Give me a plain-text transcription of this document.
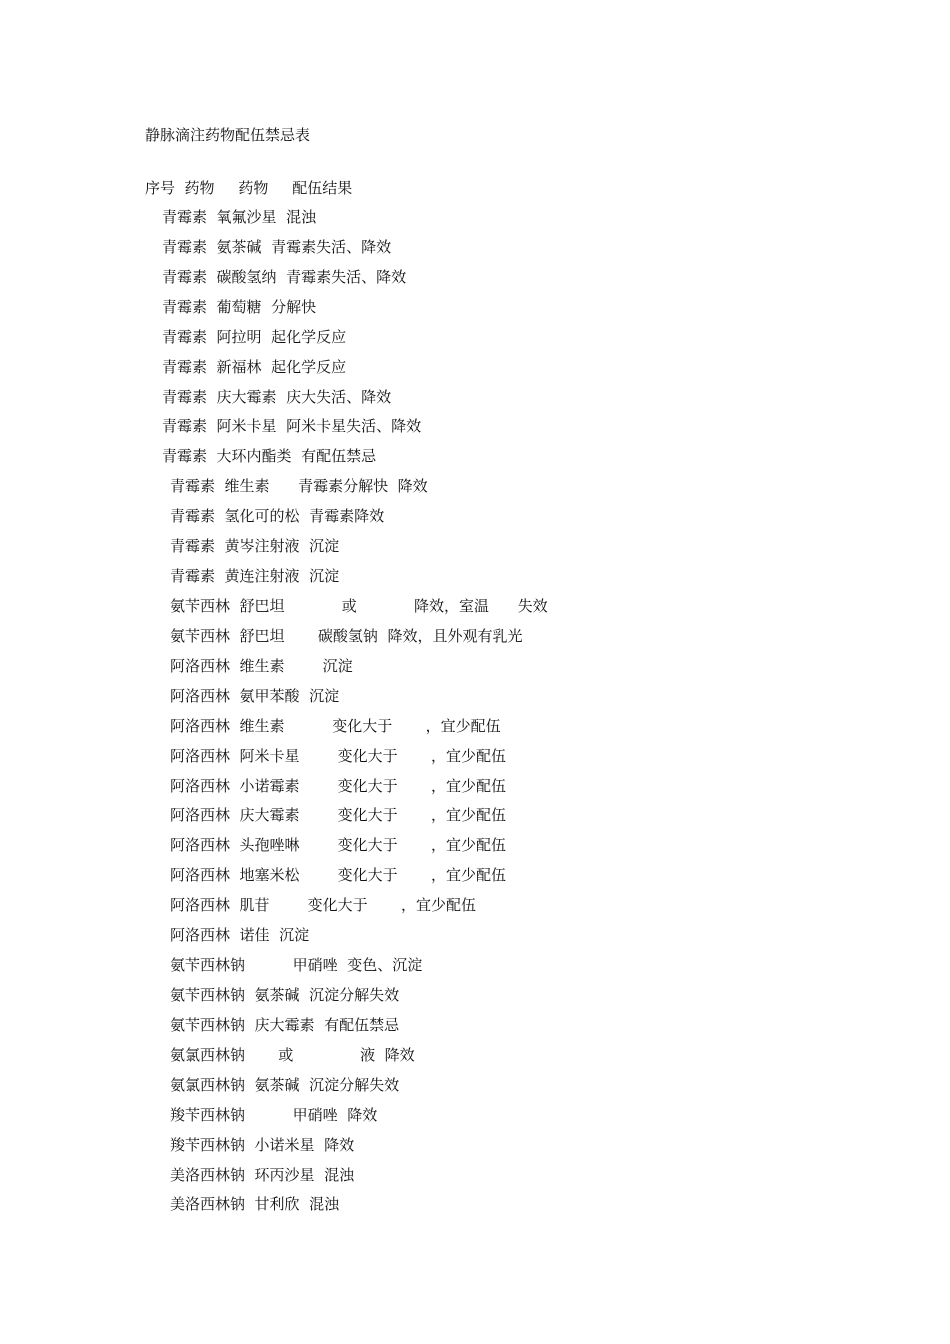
静脉滴注药物配伍禁忌表
序号  药物     药物     配伍结果
青霉素  氧氟沙星  混浊
青霉素  氨茶碱  青霉素失活、降效
青霉素  碳酸氢纳  青霉素失活、降效
青霉素  葡萄糖  分解快
青霉素  阿拉明  起化学反应
青霉素  新福林  起化学反应
青霉素  庆大霉素  庆大失活、降效
青霉素  阿米卡星  阿米卡星失活、降效
青霉素  大环内酯类  有配伍禁忌
青霉素  维生素      青霉素分解快  降效
青霉素  氢化可的松  青霉素降效
青霉素  黄岑注射液  沉淀
青霉素  黄连注射液  沉淀
氨苄西林  舒巴坦            或            降效，室温      失效
氨苄西林  舒巴坦       碳酸氢钠  降效，且外观有乳光
阿洛西林  维生素        沉淀
阿洛西林  氨甲苯酸  沉淀
阿洛西林  维生素          变化大于       ，宜少配伍
阿洛西林  阿米卡星        变化大于       ，宜少配伍
阿洛西林  小诺霉素        变化大于       ，宜少配伍
阿洛西林  庆大霉素        变化大于       ，宜少配伍
阿洛西林  头孢唑啉        变化大于       ，宜少配伍
阿洛西林  地塞米松        变化大于       ，宜少配伍
阿洛西林  肌苷        变化大于       ，宜少配伍
阿洛西林  诺佳  沉淀
氨苄西林钠          甲硝唑  变色、沉淀
氨苄西林钠  氨茶碱  沉淀分解失效
氨苄西林钠  庆大霉素  有配伍禁忌
氨氯西林钠       或              液  降效
氨氯西林钠  氨茶碱  沉淀分解失效
羧苄西林钠          甲硝唑  降效
羧苄西林钠  小诺米星  降效
美洛西林钠  环丙沙星  混浊
美洛西林钠  甘利欣  混浊
